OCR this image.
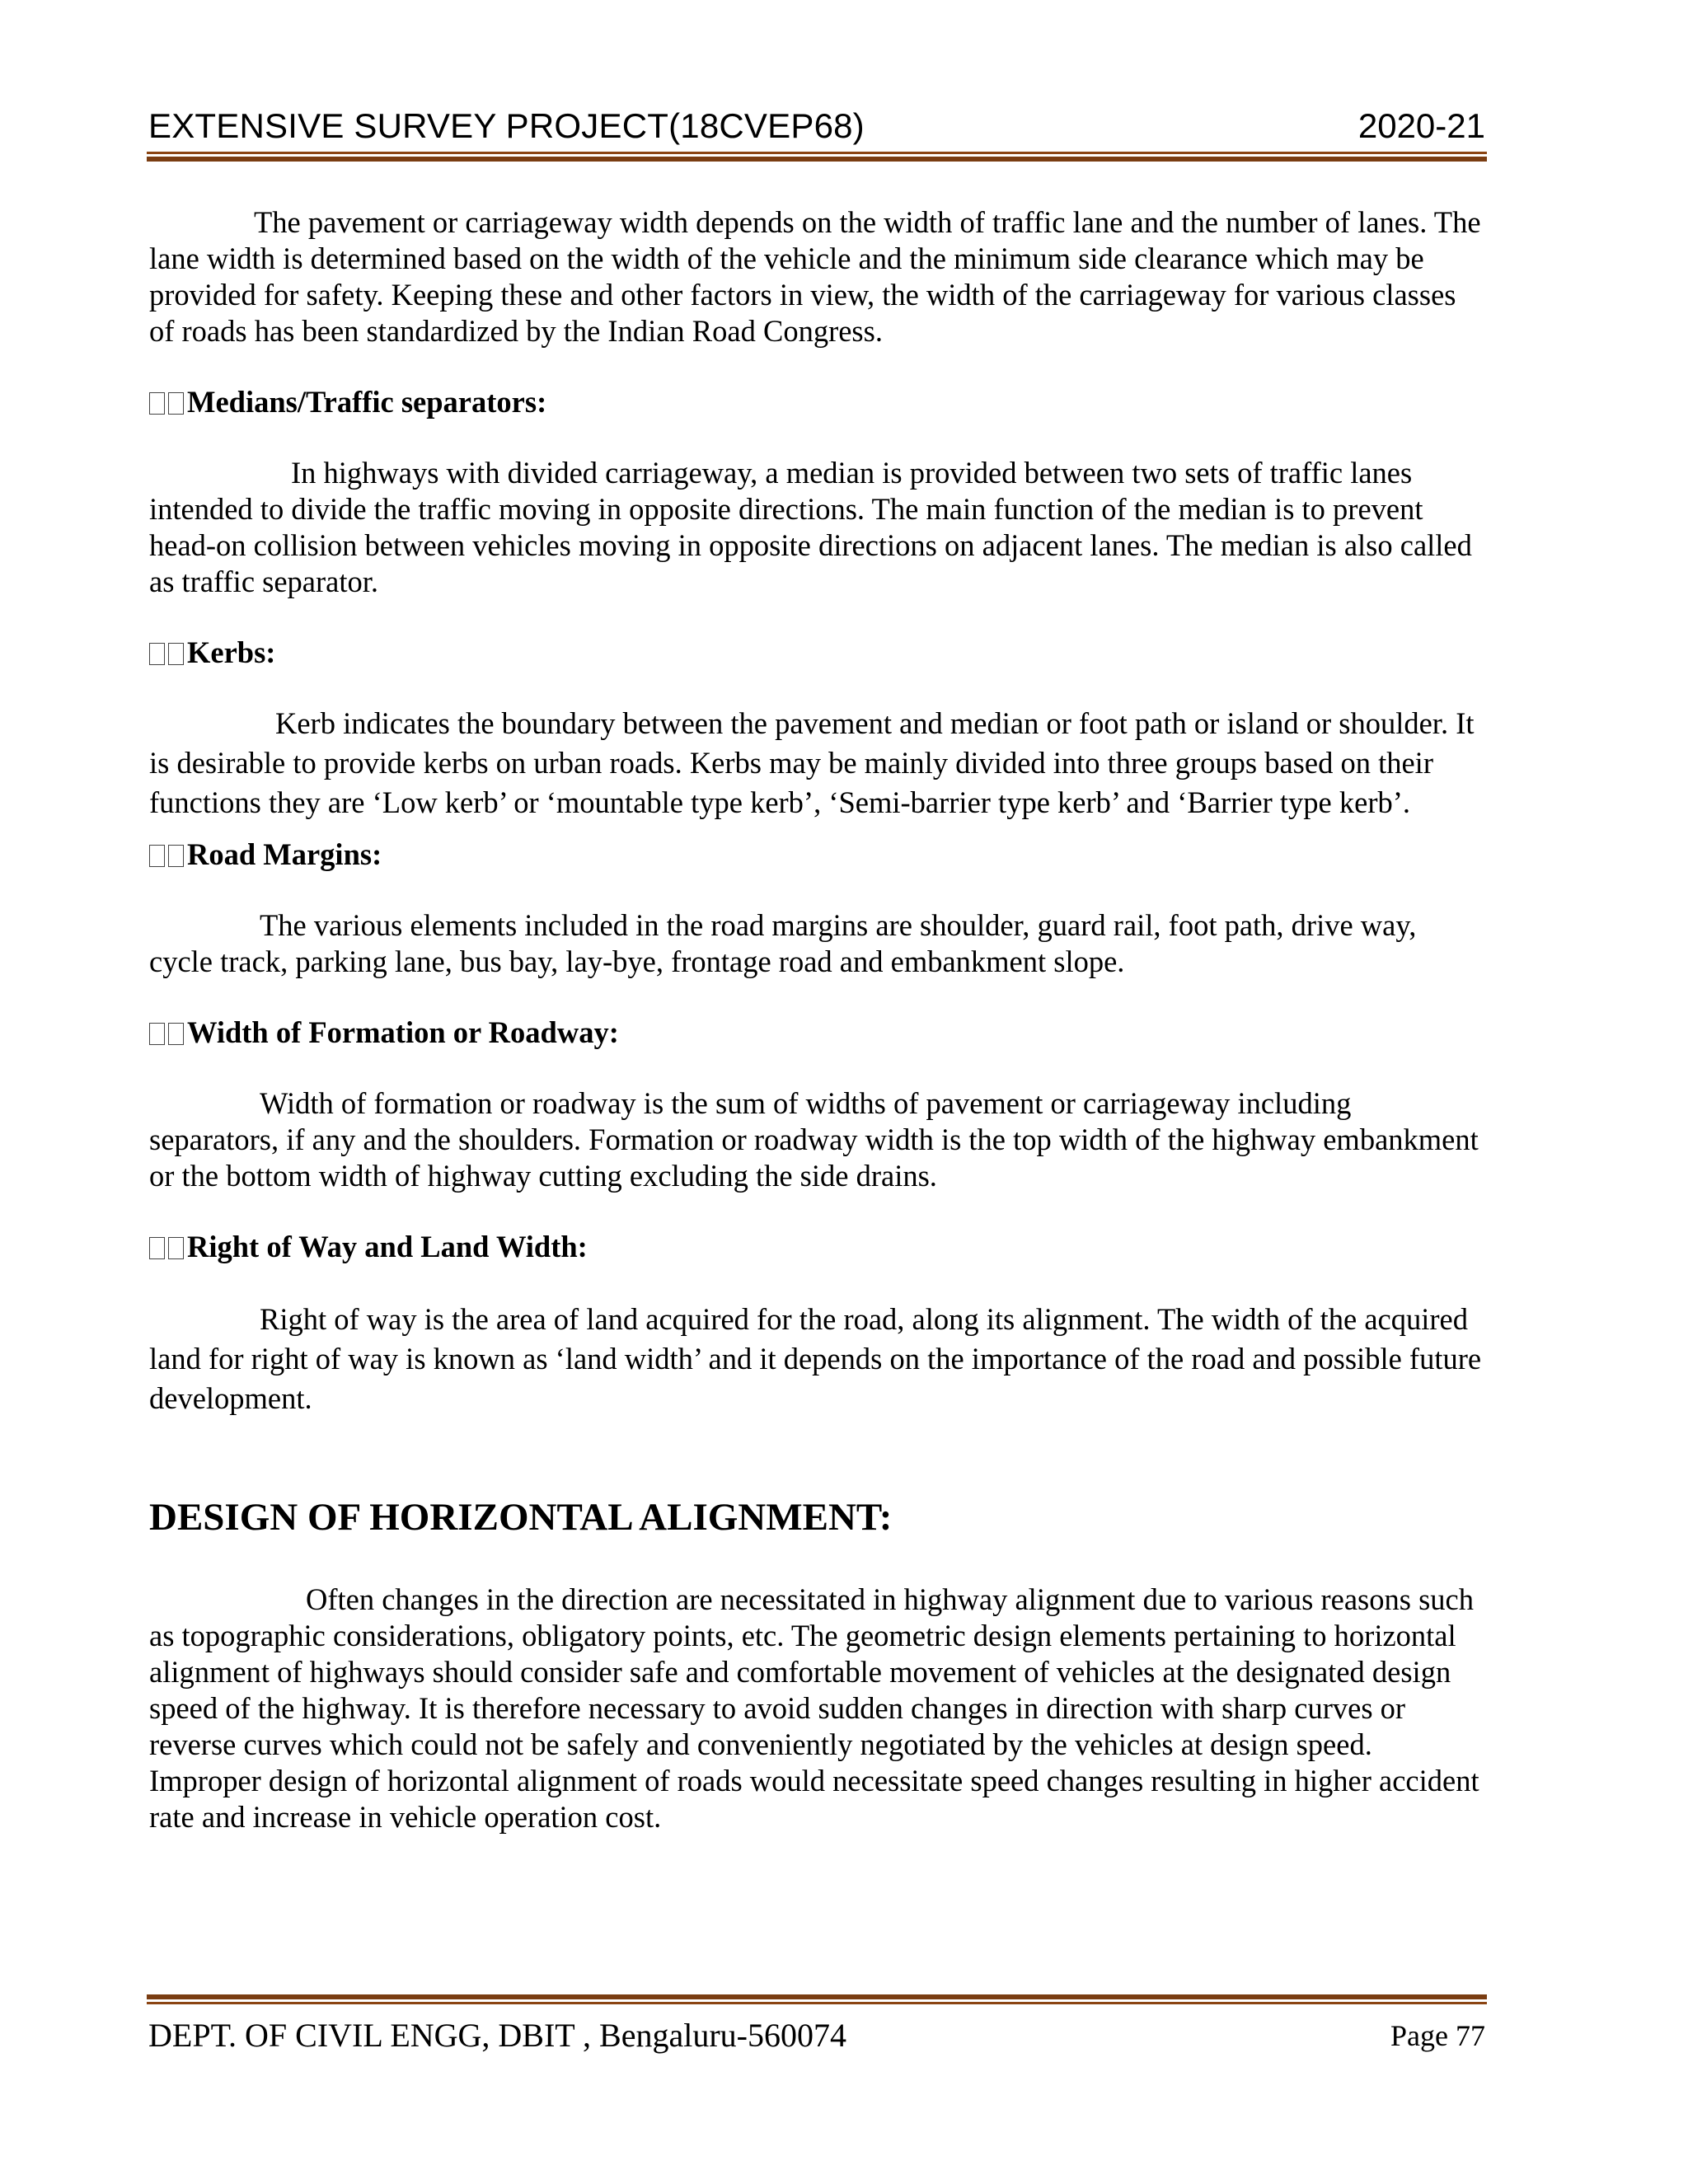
EXTENSIVE SURVEY PROJECT(18CVEP68)	2020-21

The pavement or carriageway width depends on the width of traffic lane and the number of lanes. The lane width is determined based on the width of the vehicle and the minimum side clearance which may be provided for safety. Keeping these and other factors in view, the width of the carriageway for various classes of roads has been standardized by the Indian Road Congress.

Medians/Traffic separators:

In highways with divided carriageway, a median is provided between two sets of traffic lanes intended to divide the traffic moving in opposite directions. The main function of the median is to prevent head-on collision between vehicles moving in opposite directions on adjacent lanes. The median is also called as traffic separator.

Kerbs:

Kerb indicates the boundary between the pavement and median or foot path or island or shoulder. It is desirable to provide kerbs on urban roads. Kerbs may be mainly divided into three groups based on their functions they are ‘Low kerb’ or ‘mountable type kerb’, ‘Semi-barrier type kerb’ and ‘Barrier type kerb’.

Road Margins:

The various elements included in the road margins are shoulder, guard rail, foot path, drive way, cycle track, parking lane, bus bay, lay-bye, frontage road and embankment slope.

Width of Formation or Roadway:

Width of formation or roadway is the sum of widths of pavement or carriageway including separators, if any and the shoulders. Formation or roadway width is the top width of the highway embankment or the bottom width of highway cutting excluding the side drains.

Right of Way and Land Width:

Right of way is the area of land acquired for the road, along its alignment. The width of the acquired land for right of way is known as ‘land width’ and it depends on the importance of the road and possible future development.

DESIGN OF HORIZONTAL ALIGNMENT:

Often changes in the direction are necessitated in highway alignment due to various reasons such as topographic considerations, obligatory points, etc. The geometric design elements pertaining to horizontal alignment of highways should consider safe and comfortable movement of vehicles at the designated design speed of the highway. It is therefore necessary to avoid sudden changes in direction with sharp curves or reverse curves which could not be safely and conveniently negotiated by the vehicles at design speed. Improper design of horizontal alignment of roads would necessitate speed changes resulting in higher accident rate and increase in vehicle operation cost.

DEPT. OF CIVIL ENGG, DBIT , Bengaluru-560074	Page 77
